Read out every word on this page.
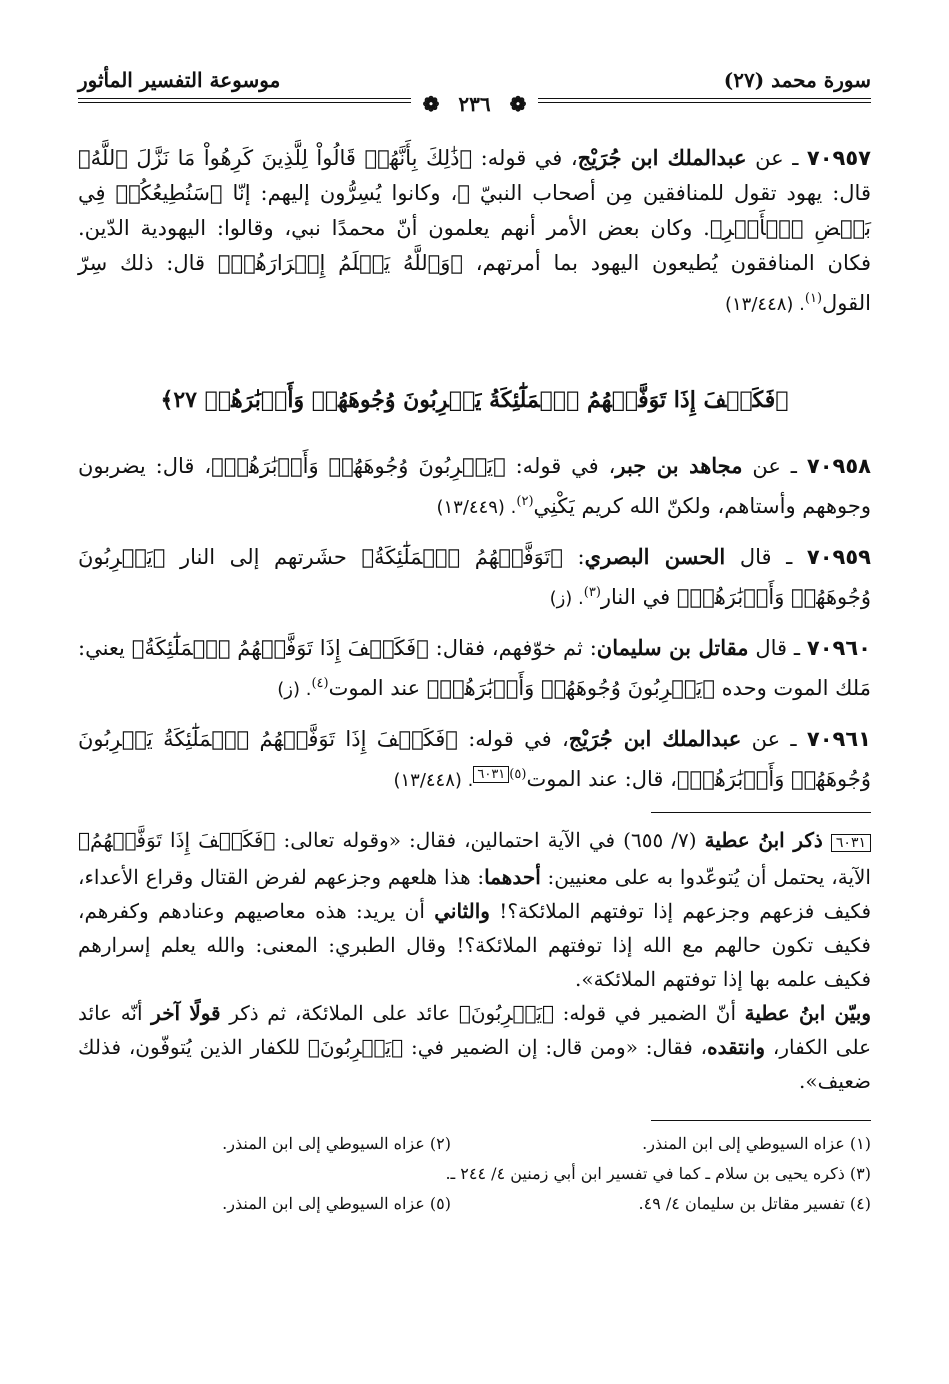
سورة محمد (٢٧)
موسوعة التفسير المأثور
❁ ٢٣٦ ❁

٧٠٩٥٧ ـ عن عبدالملك ابن جُرَيْج، في قوله: ﴿ذَٰلِكَ بِأَنَّهُمۡ قَالُواْ لِلَّذِينَ كَرِهُواْ مَا نَزَّلَ ٱللَّهُ﴾ قال: يهود تقول للمنافقين مِن أصحاب النبيّ ﷺ، وكانوا يُسِرُّون إليهم: إنّا ﴿سَنُطِيعُكُمۡ فِي بَعۡضِ ٱلۡأَمۡرِ﴾. وكان بعض الأمر أنهم يعلمون أنّ محمدًا نبي، وقالوا: اليهودية الدّين. فكان المنافقون يُطيعون اليهود بما أمرتهم، ﴿وَٱللَّهُ يَعۡلَمُ إِسۡرَارَهُمۡ﴾ قال: ذلك سِرّ القول$^{(١)}$. (١٣/٤٤٨)

﴿فَكَيۡفَ إِذَا تَوَفَّتۡهُمُ ٱلۡمَلَٰٓئِكَةُ يَضۡرِبُونَ وُجُوهَهُمۡ وَأَدۡبَٰرَهُمۡ ٢٧﴾

٧٠٩٥٨ ـ عن مجاهد بن جبر، في قوله: ﴿يَضۡرِبُونَ وُجُوهَهُمۡ وَأَدۡبَٰرَهُمۡ﴾، قال: يضربون وجوههم وأستاهم، ولكنّ الله كريم يَكْنِي$^{(٢)}$. (١٣/٤٤٩)

٧٠٩٥٩ ـ قال الحسن البصري: ﴿تَوَفَّتۡهُمُ ٱلۡمَلَٰٓئِكَةُ﴾ حشَرتهم إلى النار ﴿يَضۡرِبُونَ وُجُوهَهُمۡ وَأَدۡبَٰرَهُمۡ﴾ في النار$^{(٣)}$. (ز)

٧٠٩٦٠ ـ قال مقاتل بن سليمان: ثم خوّفهم، فقال: ﴿فَكَيۡفَ إِذَا تَوَفَّتۡهُمُ ٱلۡمَلَٰٓئِكَةُ﴾ يعني: مَلك الموت وحده ﴿يَضۡرِبُونَ وُجُوهَهُمۡ وَأَدۡبَٰرَهُمۡ﴾ عند الموت$^{(٤)}$. (ز)

٧٠٩٦١ ـ عن عبدالملك ابن جُرَيْج، في قوله: ﴿فَكَيۡفَ إِذَا تَوَفَّتۡهُمُ ٱلۡمَلَٰٓئِكَةُ يَضۡرِبُونَ وُجُوهَهُمۡ وَأَدۡبَٰرَهُمۡ﴾، قال: عند الموت$^{(٥)٦٠٣١}$. (١٣/٤٤٨)

٦٠٣١ ذكر ابنُ عطية (٧/ ٦٥٥) في الآية احتمالين، فقال: «وقوله تعالى: ﴿فَكَيۡفَ إِذَا تَوَفَّتۡهُمُ﴾ الآية، يحتمل أن يُتوعّدوا به على معنيين: أحدهما: هذا هلعهم وجزعهم لفرض القتال وقراع الأعداء، فكيف فزعهم وجزعهم إذا توفتهم الملائكة؟! والثاني أن يريد: هذه معاصيهم وعنادهم وكفرهم، فكيف تكون حالهم مع الله إذا توفتهم الملائكة؟! وقال الطبري: المعنى: والله يعلم إسرارهم فكيف علمه بها إذا توفتهم الملائكة».

وبيّن ابنُ عطية أنّ الضمير في قوله: ﴿يَضۡرِبُونَ﴾ عائد على الملائكة، ثم ذكر قولًا آخر أنّه عائد على الكفار، وانتقده، فقال: «ومن قال: إن الضمير في: ﴿يَضۡرِبُونَ﴾ للكفار الذين يُتوفّون، فذلك ضعيف».

(١) عزاه السيوطي إلى ابن المنذر.
(٢) عزاه السيوطي إلى ابن المنذر.
(٣) ذكره يحيى بن سلام ـ كما في تفسير ابن أبي زمنين ٤/ ٢٤٤ ـ.
(٤) تفسير مقاتل بن سليمان ٤/ ٤٩.
(٥) عزاه السيوطي إلى ابن المنذر.
